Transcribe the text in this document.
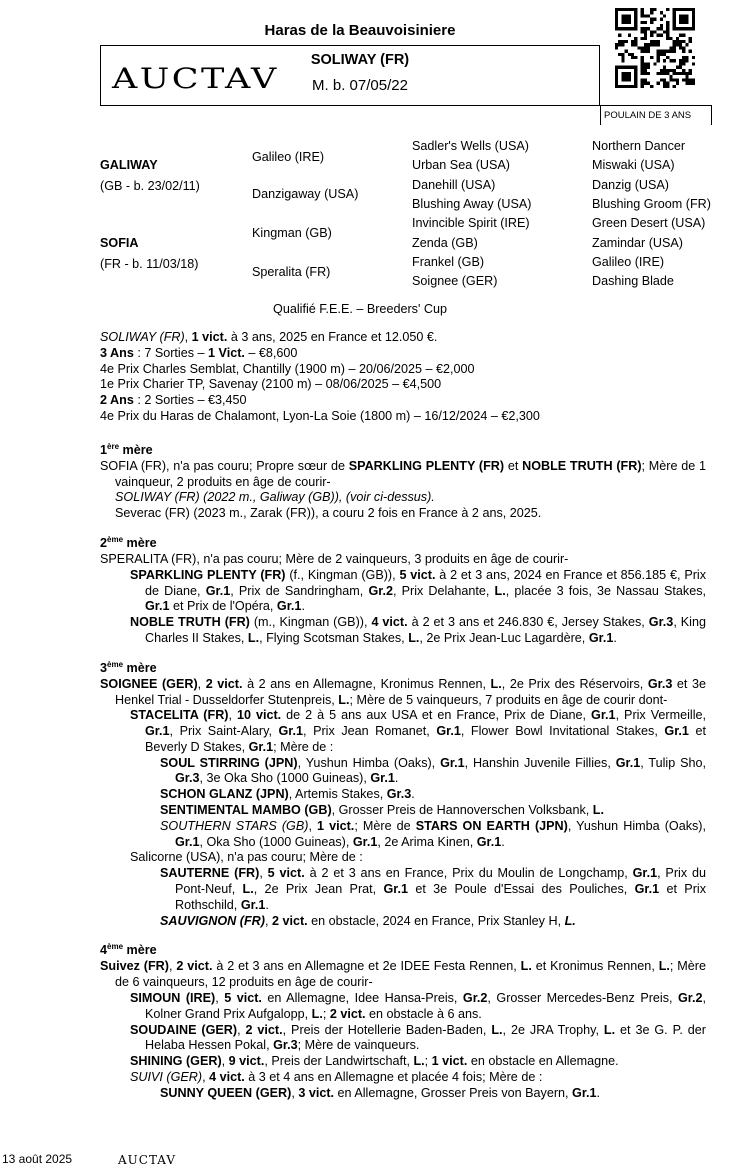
Haras de la Beauvoisiniere
AUCTAV
SOLIWAY (FR)
M. b. 07/05/22
POULAIN DE 3 ANS
GALIWAY
(GB - b. 23/02/11)
SOFIA
(FR - b. 11/03/18)
Galileo (IRE)
Danzigaway (USA)
Kingman (GB)
Speralita (FR)
Sadler's Wells (USA)
Urban Sea (USA)
Danehill (USA)
Blushing Away (USA)
Invincible Spirit (IRE)
Zenda (GB)
Frankel (GB)
Soignee (GER)
Northern Dancer
Miswaki (USA)
Danzig (USA)
Blushing Groom (FR)
Green Desert (USA)
Zamindar (USA)
Galileo (IRE)
Dashing Blade
Qualifié F.E.E. – Breeders' Cup

SOLIWAY (FR), 1 vict. à 3 ans, 2025 en France et 12.050 €.

3 Ans : 7 Sorties – 1 Vict. – €8,600

4e Prix Charles Semblat, Chantilly (1900 m) – 20/06/2025 – €2,000

1e Prix Charier TP, Savenay (2100 m) – 08/06/2025 – €4,500

2 Ans : 2 Sorties – €3,450

4e Prix du Haras de Chalamont, Lyon-La Soie (1800 m) – 16/12/2024 – €2,300

1ère mère

SOFIA (FR), n'a pas couru; Propre sœur de SPARKLING PLENTY (FR) et NOBLE TRUTH (FR); Mère de 1 vainqueur, 2 produits en âge de courir-

SOLIWAY (FR) (2022 m., Galiway (GB)), (voir ci-dessus).

Severac (FR) (2023 m., Zarak (FR)), a couru 2 fois en France à 2 ans, 2025.

2ème mère

SPERALITA (FR), n'a pas couru; Mère de 2 vainqueurs, 3 produits en âge de courir-

SPARKLING PLENTY (FR) (f., Kingman (GB)), 5 vict. à 2 et 3 ans, 2024 en France et 856.185 €, Prix de Diane, Gr.1, Prix de Sandringham, Gr.2, Prix Delahante, L., placée 3 fois, 3e Nassau Stakes, Gr.1 et Prix de l'Opéra, Gr.1.

NOBLE TRUTH (FR) (m., Kingman (GB)), 4 vict. à 2 et 3 ans et 246.830 €, Jersey Stakes, Gr.3, King Charles II Stakes, L., Flying Scotsman Stakes, L., 2e Prix Jean-Luc Lagardère, Gr.1.

3ème mère

SOIGNEE (GER), 2 vict. à 2 ans en Allemagne, Kronimus Rennen, L., 2e Prix des Réservoirs, Gr.3 et 3e Henkel Trial - Dusseldorfer Stutenpreis, L.; Mère de 5 vainqueurs, 7 produits en âge de courir dont-

STACELITA (FR), 10 vict. de 2 à 5 ans aux USA et en France, Prix de Diane, Gr.1, Prix Vermeille, Gr.1, Prix Saint-Alary, Gr.1, Prix Jean Romanet, Gr.1, Flower Bowl Invitational Stakes, Gr.1 et Beverly D Stakes, Gr.1; Mère de :

SOUL STIRRING (JPN), Yushun Himba (Oaks), Gr.1, Hanshin Juvenile Fillies, Gr.1, Tulip Sho, Gr.3, 3e Oka Sho (1000 Guineas), Gr.1.

SCHON GLANZ (JPN), Artemis Stakes, Gr.3.

SENTIMENTAL MAMBO (GB), Grosser Preis de Hannoverschen Volksbank, L.

SOUTHERN STARS (GB), 1 vict.; Mère de STARS ON EARTH (JPN), Yushun Himba (Oaks), Gr.1, Oka Sho (1000 Guineas), Gr.1, 2e Arima Kinen, Gr.1.

Salicorne (USA), n'a pas couru; Mère de :

SAUTERNE (FR), 5 vict. à 2 et 3 ans en France, Prix du Moulin de Longchamp, Gr.1, Prix du Pont-Neuf, L., 2e Prix Jean Prat, Gr.1 et 3e Poule d'Essai des Pouliches, Gr.1 et Prix Rothschild, Gr.1.

SAUVIGNON (FR), 2 vict. en obstacle, 2024 en France, Prix Stanley H, L.

4ème mère

Suivez (FR), 2 vict. à 2 et 3 ans en Allemagne et 2e IDEE Festa Rennen, L. et Kronimus Rennen, L.; Mère de 6 vainqueurs, 12 produits en âge de courir-

SIMOUN (IRE), 5 vict. en Allemagne, Idee Hansa-Preis, Gr.2, Grosser Mercedes-Benz Preis, Gr.2, Kolner Grand Prix Aufgalopp, L.; 2 vict. en obstacle à 6 ans.

SOUDAINE (GER), 2 vict., Preis der Hotellerie Baden-Baden, L., 2e JRA Trophy, L. et 3e G. P. der Helaba Hessen Pokal, Gr.3; Mère de vainqueurs.

SHINING (GER), 9 vict., Preis der Landwirtschaft, L.; 1 vict. en obstacle en Allemagne.

SUIVI (GER), 4 vict. à 3 et 4 ans en Allemagne et placée 4 fois; Mère de :

SUNNY QUEEN (GER), 3 vict. en Allemagne, Grosser Preis von Bayern, Gr.1.

13 août 2025	AUCTAV
